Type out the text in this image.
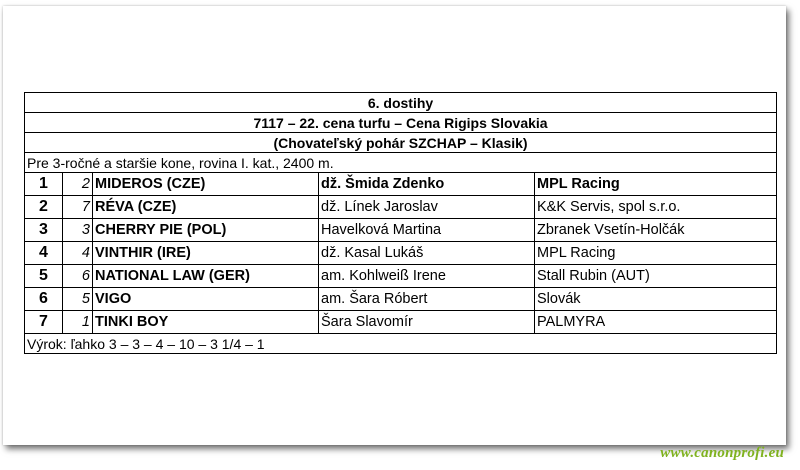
6. dostihy				
7117 – 22. cena turfu – Cena Rigips Slovakia				
(Chovateľský pohár SZCHAP – Klasik)				
Pre 3-ročné a staršie kone, rovina I. kat., 2400 m.				
1	2	MIDEROS (CZE)	dž. Šmida Zdenko	MPL Racing
2	7	RÉVA (CZE)	dž. Línek Jaroslav	K&K Servis, spol s.r.o.
3	3	CHERRY PIE (POL)	Havelková Martina	Zbranek Vsetín-Holčák
4	4	VINTHIR (IRE)	dž. Kasal Lukáš	MPL Racing
5	6	NATIONAL LAW (GER)	am. Kohlweiß Irene	Stall Rubin (AUT)
6	5	VIGO	am. Šara Róbert	Slovák
7	1	TINKI BOY	Šara Slavomír	PALMYRA
Výrok: ľahko 3 – 3 – 4 – 10 – 3 1/4 – 1				
www.canonprofi.eu
